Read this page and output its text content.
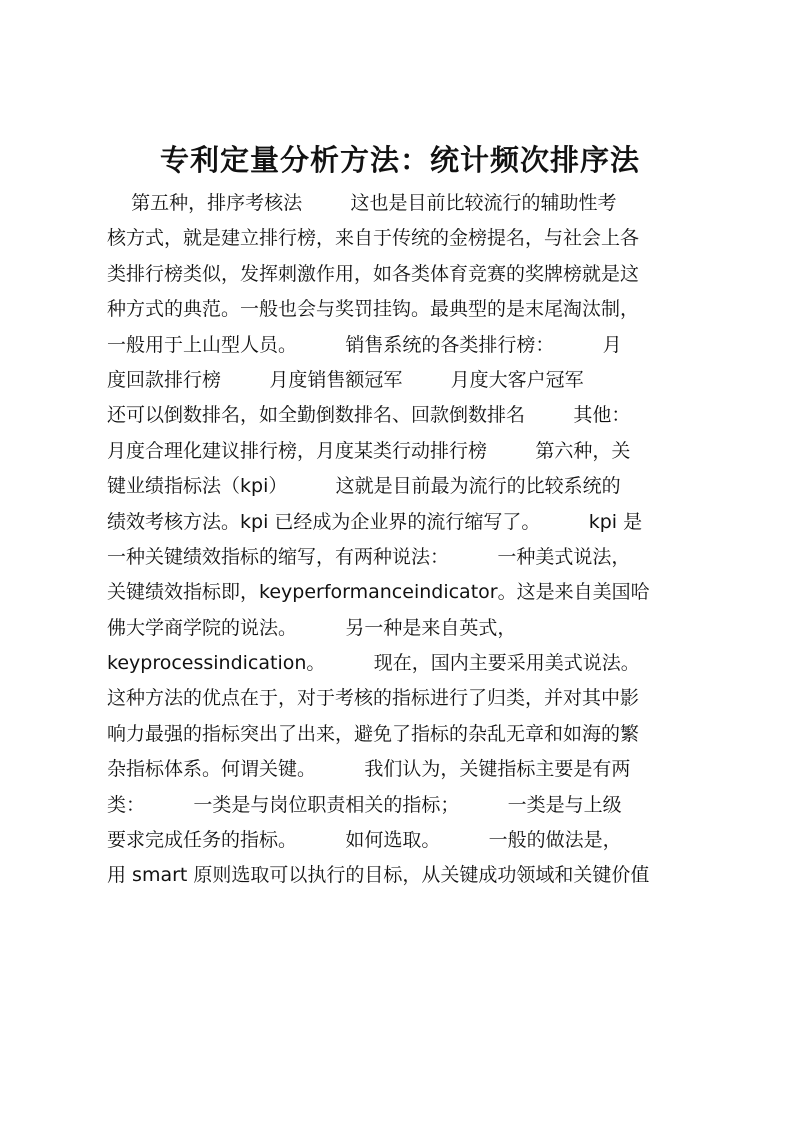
专利定量分析方法：统计频次排序法
第五种，排序考核法        这也是目前比较流行的辅助性考
核方式，就是建立排行榜，来自于传统的金榜提名，与社会上各
类排行榜类似，发挥刺激作用，如各类体育竞赛的奖牌榜就是这
种方式的典范。一般也会与奖罚挂钩。最典型的是末尾淘汰制，
一般用于上山型人员。        销售系统的各类排行榜：        月
度回款排行榜        月度销售额冠军        月度大客户冠军
还可以倒数排名，如全勤倒数排名、回款倒数排名        其他：
月度合理化建议排行榜，月度某类行动排行榜        第六种，关
键业绩指标法（kpi）        这就是目前最为流行的比较系统的
绩效考核方法。kpi 已经成为企业界的流行缩写了。        kpi 是
一种关键绩效指标的缩写，有两种说法：        一种美式说法，
关键绩效指标即，keyperformanceindicator。这是来自美国哈
佛大学商学院的说法。        另一种是来自英式，
keyprocessindication。        现在，国内主要采用美式说法。
这种方法的优点在于，对于考核的指标进行了归类，并对其中影
响力最强的指标突出了出来，避免了指标的杂乱无章和如海的繁
杂指标体系。何谓关键。        我们认为，关键指标主要是有两
类：        一类是与岗位职责相关的指标；        一类是与上级
要求完成任务的指标。        如何选取。        一般的做法是，
用 smart 原则选取可以执行的目标，从关键成功领域和关键价值
